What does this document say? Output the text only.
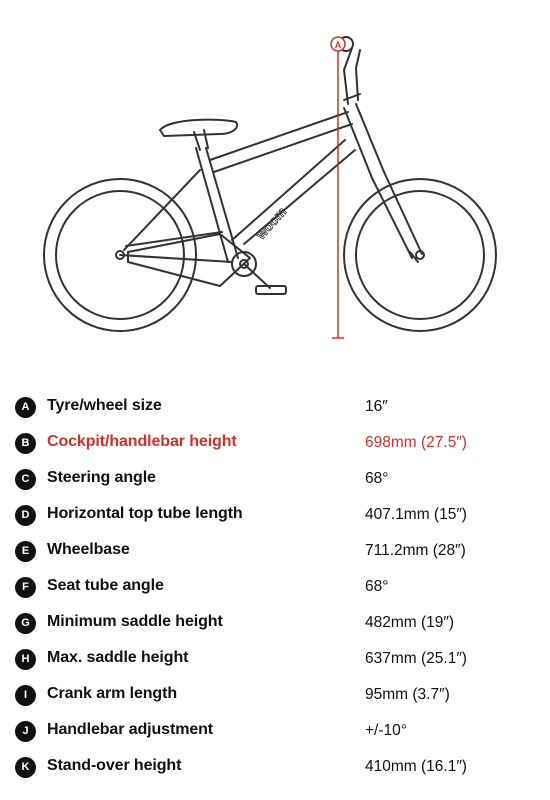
woom
A
A	Tyre/wheel size	16″
B	Cockpit/handlebar height	698mm (27.5″)
C	Steering angle	68°
D	Horizontal top tube length	407.1mm (15″)
E	Wheelbase	711.2mm (28″)
F	Seat tube angle	68°
G	Minimum saddle height	482mm (19″)
H	Max. saddle height	637mm (25.1″)
I	Crank arm length	95mm (3.7″)
J	Handlebar adjustment	+/-10°
K	Stand-over height	410mm (16.1″)
